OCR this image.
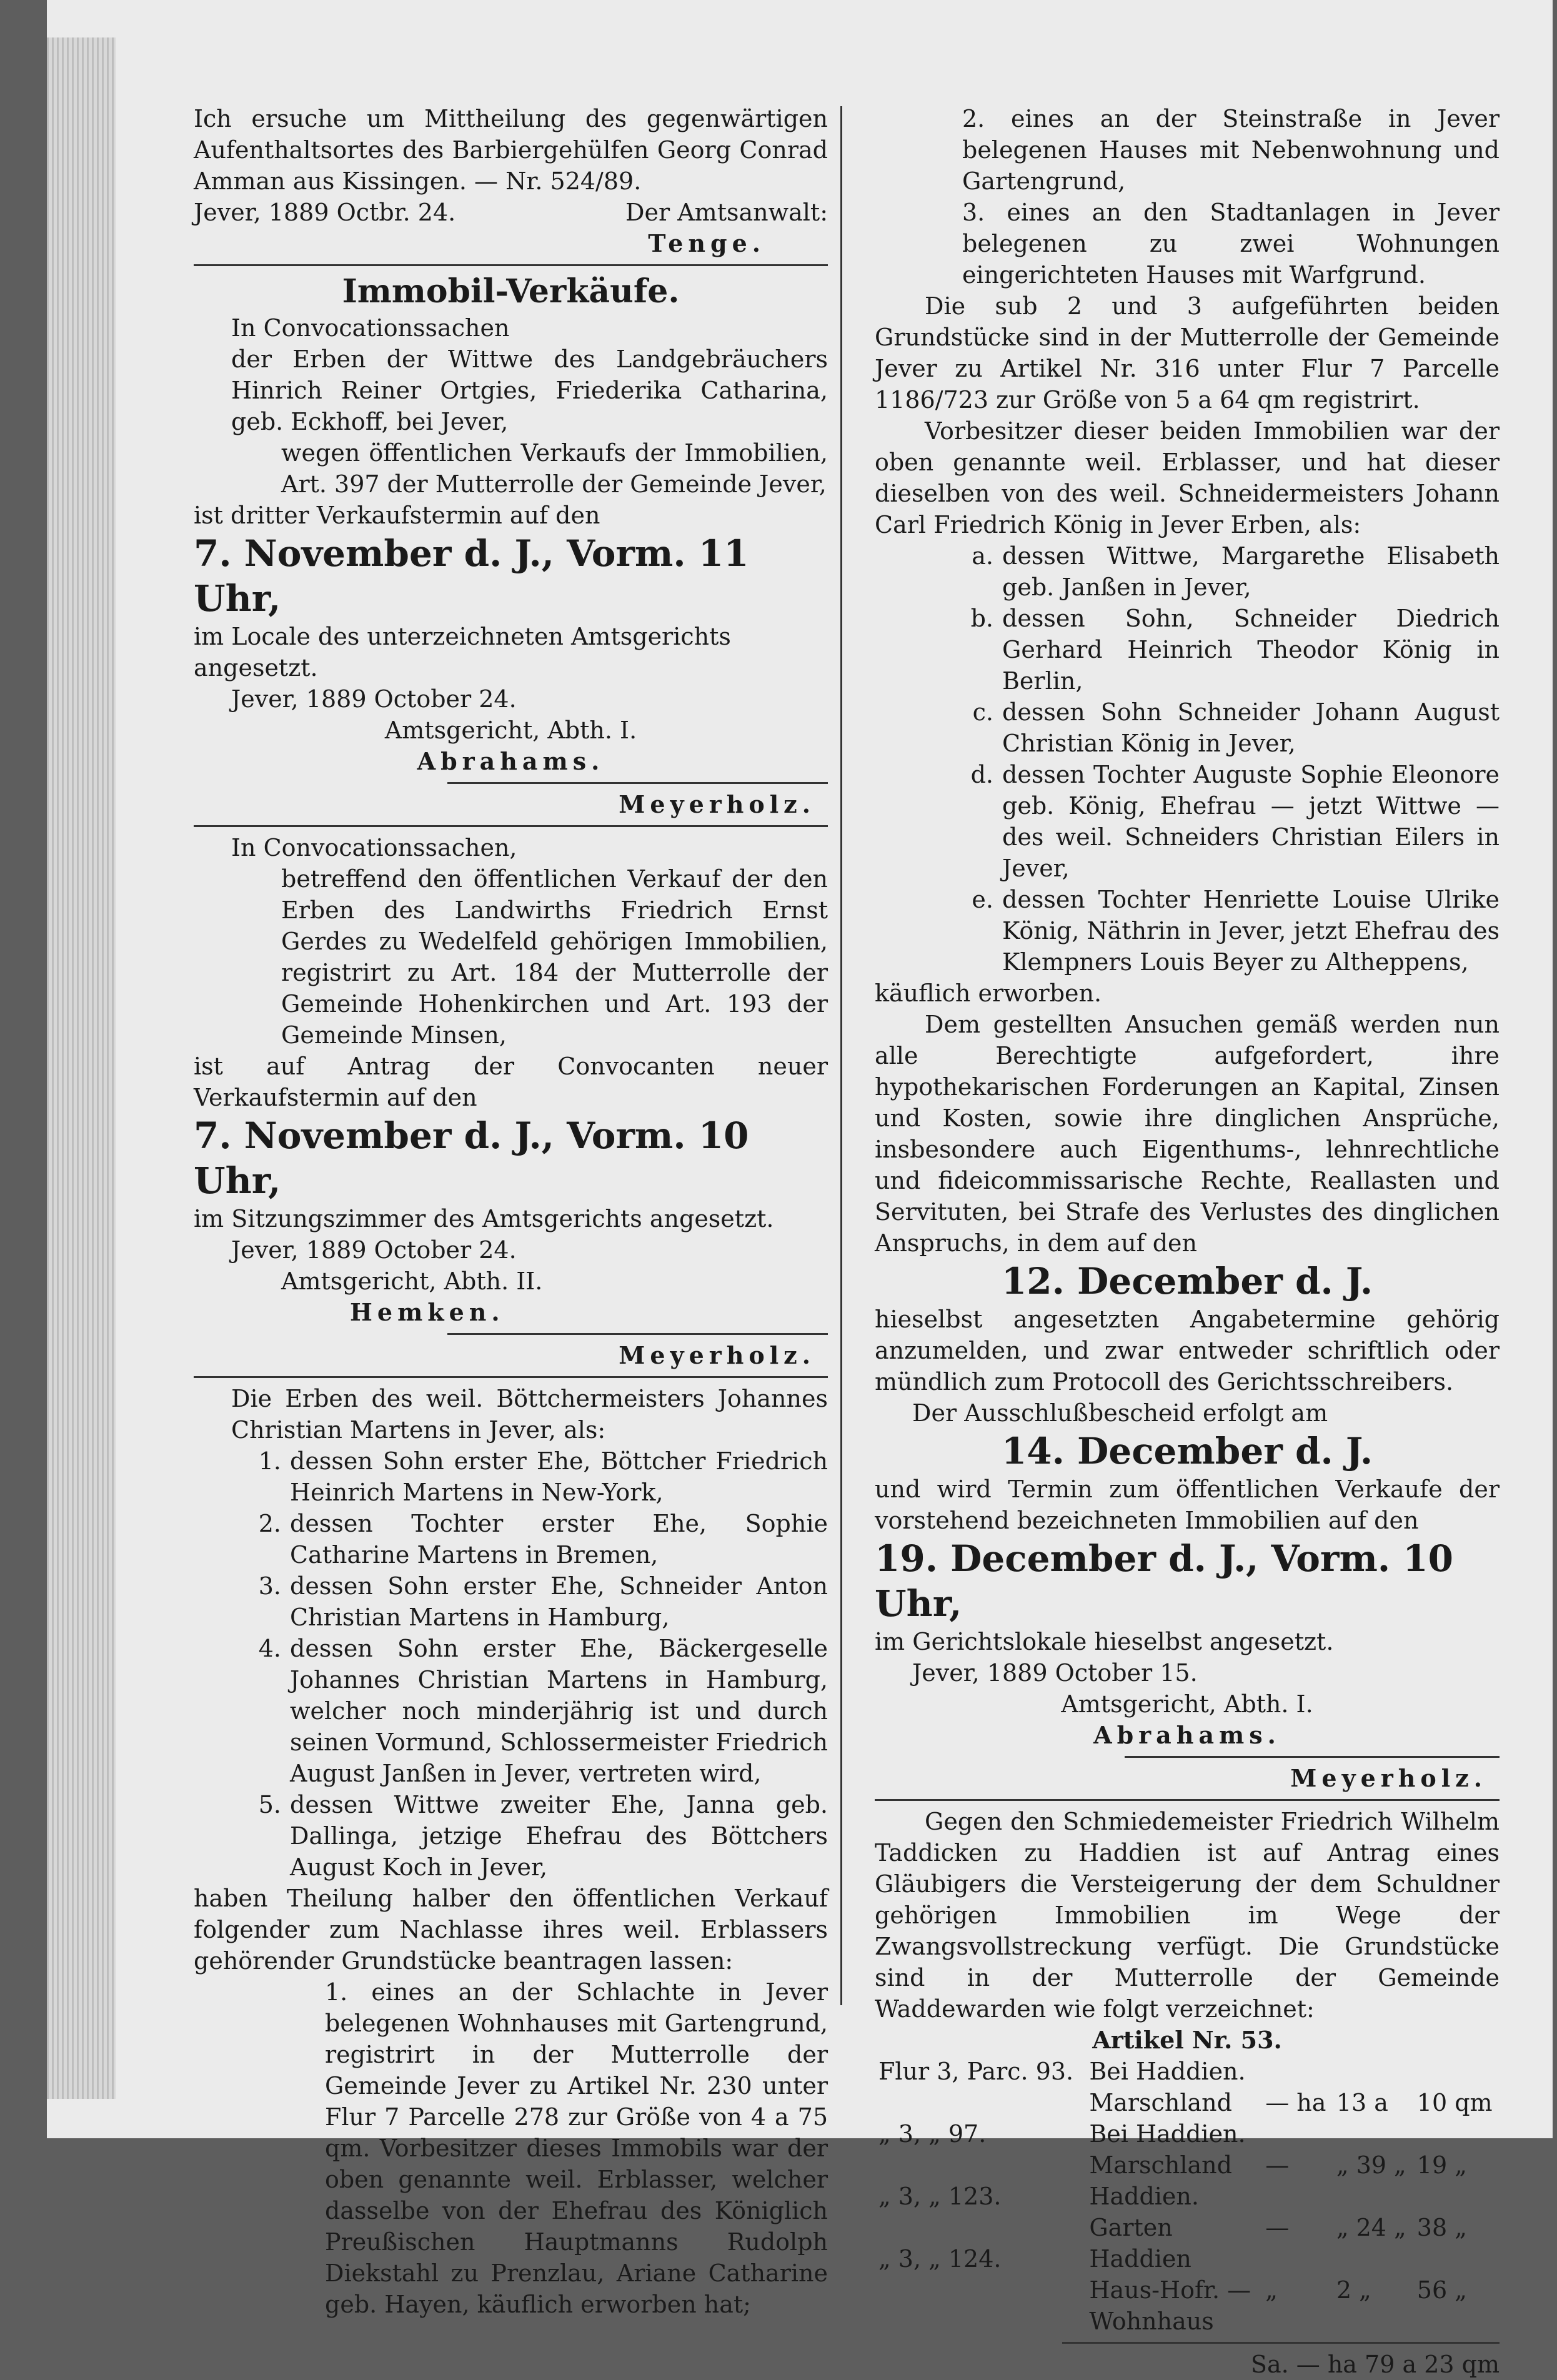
Ich ersuche um Mittheilung des gegenwärtigen Aufenthaltsortes des Barbiergehülfen Georg Conrad Amman aus Kissingen. — Nr. 524/89.

Jever, 1889 Octbr. 24.	Der Amtsanwalt:

Tenge.

Immobil-Verkäufe.

In Convocationssachen

der Erben der Wittwe des Landgebräuchers Hinrich Reiner Ortgies, Friederika Catharina, geb. Eckhoff, bei Jever,

wegen öffentlichen Verkaufs der Immobilien, Art. 397 der Mutterrolle der Gemeinde Jever,

ist dritter Verkaufstermin auf den

7. November d. J., Vorm. 11 Uhr,

im Locale des unterzeichneten Amtsgerichts angesetzt.

Jever, 1889 October 24.

Amtsgericht, Abth. I.

Abrahams.

Meyerholz.

In Convocationssachen,

betreffend den öffentlichen Verkauf der den Erben des Landwirths Friedrich Ernst Gerdes zu Wedelfeld gehörigen Immobilien, registrirt zu Art. 184 der Mutterrolle der Gemeinde Hohenkirchen und Art. 193 der Gemeinde Minsen,

ist auf Antrag der Convocanten neuer Verkaufstermin auf den

7. November d. J., Vorm. 10 Uhr,

im Sitzungszimmer des Amtsgerichts angesetzt.

Jever, 1889 October 24.

Amtsgericht, Abth. II.

Hemken.

Meyerholz.

Die Erben des weil. Böttchermeisters Johannes Christian Martens in Jever, als:

1. dessen Sohn erster Ehe, Böttcher Friedrich Heinrich Martens in New-York,
2. dessen Tochter erster Ehe, Sophie Catharine Martens in Bremen,
3. dessen Sohn erster Ehe, Schneider Anton Christian Martens in Hamburg,
4. dessen Sohn erster Ehe, Bäckergeselle Johannes Christian Martens in Hamburg, welcher noch minderjährig ist und durch seinen Vormund, Schlossermeister Friedrich August Janßen in Jever, vertreten wird,
5. dessen Wittwe zweiter Ehe, Janna geb. Dallinga, jetzige Ehefrau des Böttchers August Koch in Jever,

haben Theilung halber den öffentlichen Verkauf folgender zum Nachlasse ihres weil. Erblassers gehörender Grundstücke beantragen lassen:

1. eines an der Schlachte in Jever belegenen Wohnhauses mit Gartengrund, registrirt in der Mutterrolle der Gemeinde Jever zu Artikel Nr. 230 unter Flur 7 Parcelle 278 zur Größe von 4 a 75 qm. Vorbesitzer dieses Immobils war der oben genannte weil. Erblasser, welcher dasselbe von der Ehefrau des Königlich Preußischen Hauptmanns Rudolph Diekstahl zu Prenzlau, Ariane Catharine geb. Hayen, käuflich erworben hat;

2. eines an der Steinstraße in Jever belegenen Hauses mit Nebenwohnung und Gartengrund,

3. eines an den Stadtanlagen in Jever belegenen zu zwei Wohnungen eingerichteten Hauses mit Warfgrund.

Die sub 2 und 3 aufgeführten beiden Grundstücke sind in der Mutterrolle der Gemeinde Jever zu Artikel Nr. 316 unter Flur 7 Parcelle 1186/723 zur Größe von 5 a 64 qm registrirt.

Vorbesitzer dieser beiden Immobilien war der oben genannte weil. Erblasser, und hat dieser dieselben von des weil. Schneidermeisters Johann Carl Friedrich König in Jever Erben, als:

a. dessen Wittwe, Margarethe Elisabeth geb. Janßen in Jever,
b. dessen Sohn, Schneider Diedrich Gerhard Heinrich Theodor König in Berlin,
c. dessen Sohn Schneider Johann August Christian König in Jever,
d. dessen Tochter Auguste Sophie Eleonore geb. König, Ehefrau — jetzt Wittwe — des weil. Schneiders Christian Eilers in Jever,
e. dessen Tochter Henriette Louise Ulrike König, Näthrin in Jever, jetzt Ehefrau des Klempners Louis Beyer zu Altheppens,

käuflich erworben.

Dem gestellten Ansuchen gemäß werden nun alle Berechtigte aufgefordert, ihre hypothekarischen Forderungen an Kapital, Zinsen und Kosten, sowie ihre dinglichen Ansprüche, insbesondere auch Eigenthums-, lehnrechtliche und fideicommissarische Rechte, Reallasten und Servituten, bei Strafe des Verlustes des dinglichen Anspruchs, in dem auf den

12. December d. J.

hieselbst angesetzten Angabetermine gehörig anzumelden, und zwar entweder schriftlich oder mündlich zum Protocoll des Gerichtsschreibers.

Der Ausschlußbescheid erfolgt am

14. December d. J.

und wird Termin zum öffentlichen Verkaufe der vorstehend bezeichneten Immobilien auf den

19. December d. J., Vorm. 10 Uhr,

im Gerichtslokale hieselbst angesetzt.

Jever, 1889 October 15.

Amtsgericht, Abth. I.

Abrahams.

Meyerholz.

Gegen den Schmiedemeister Friedrich Wilhelm Taddicken zu Haddien ist auf Antrag eines Gläubigers die Versteigerung der dem Schuldner gehörigen Immobilien im Wege der Zwangsvollstreckung verfügt. Die Grundstücke sind in der Mutterrolle der Gemeinde Waddewarden wie folgt verzeichnet:

Artikel Nr. 53.

Flur 3, Parc. 93.	Bei Haddien.			
	Marschland	— ha	13 a	10 qm
„ 3, „ 97.	Bei Haddien.			
	Marschland	—	„ 39 „	19 „
„ 3, „ 123.	Haddien.			
	Garten	—	„ 24 „	38 „
„ 3, „ 124.	Haddien			
	Haus-Hofr. —	„	2 „	56 „
	Wohnhaus			

Sa. — ha 79 a 23 qm
